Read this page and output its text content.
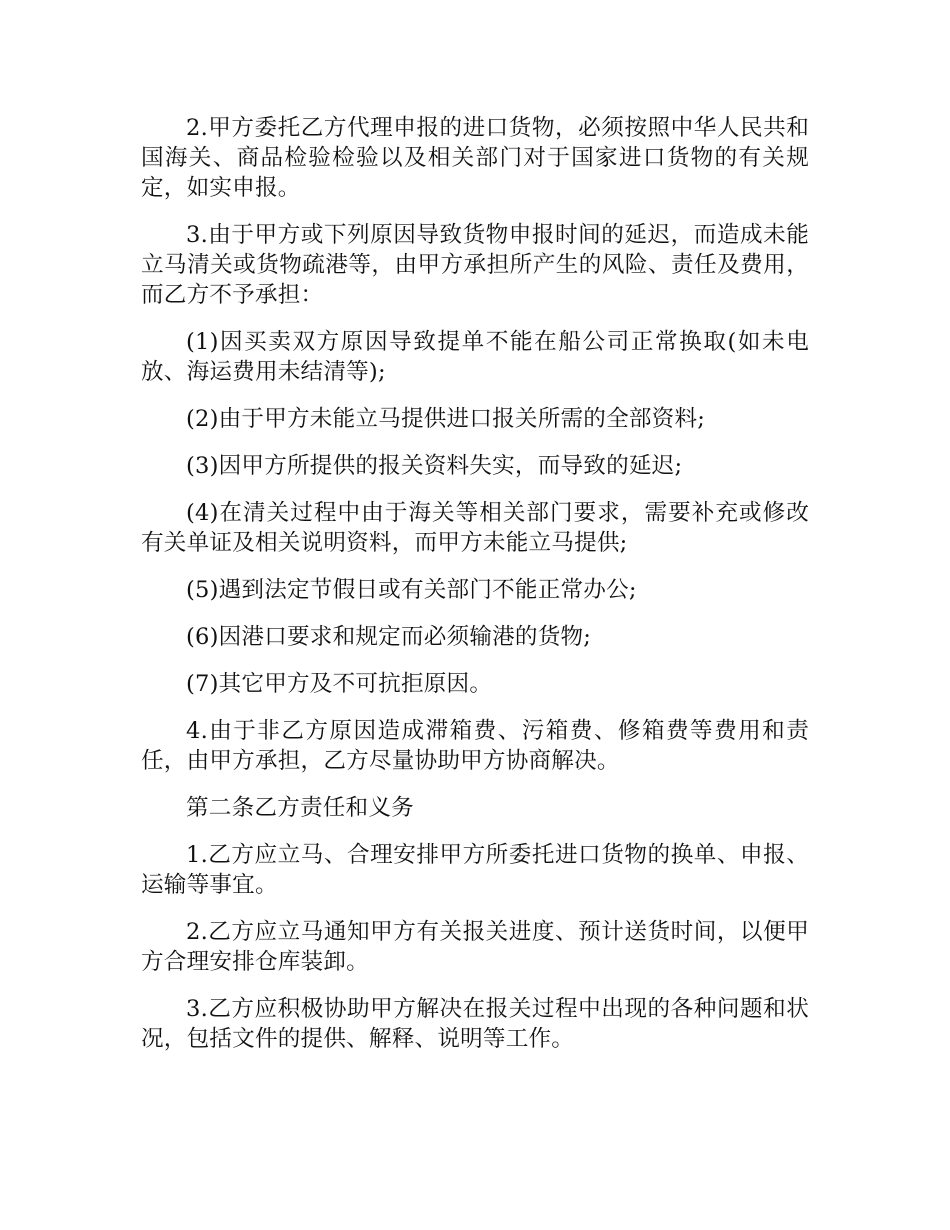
2.甲方委托乙方代理申报的进口货物，必须按照中华人民共和国海关、商品检验检验以及相关部门对于国家进口货物的有关规定，如实申报。

3.由于甲方或下列原因导致货物申报时间的延迟，而造成未能立马清关或货物疏港等，由甲方承担所产生的风险、责任及费用，而乙方不予承担：

(1)因买卖双方原因导致提单不能在船公司正常换取(如未电放、海运费用未结清等);

(2)由于甲方未能立马提供进口报关所需的全部资料;

(3)因甲方所提供的报关资料失实，而导致的延迟;

(4)在清关过程中由于海关等相关部门要求，需要补充或修改有关单证及相关说明资料，而甲方未能立马提供;

(5)遇到法定节假日或有关部门不能正常办公;

(6)因港口要求和规定而必须输港的货物;

(7)其它甲方及不可抗拒原因。

4.由于非乙方原因造成滞箱费、污箱费、修箱费等费用和责任，由甲方承担，乙方尽量协助甲方协商解决。

第二条乙方责任和义务

1.乙方应立马、合理安排甲方所委托进口货物的换单、申报、运输等事宜。

2.乙方应立马通知甲方有关报关进度、预计送货时间，以便甲方合理安排仓库装卸。

3.乙方应积极协助甲方解决在报关过程中出现的各种问题和状况，包括文件的提供、解释、说明等工作。
